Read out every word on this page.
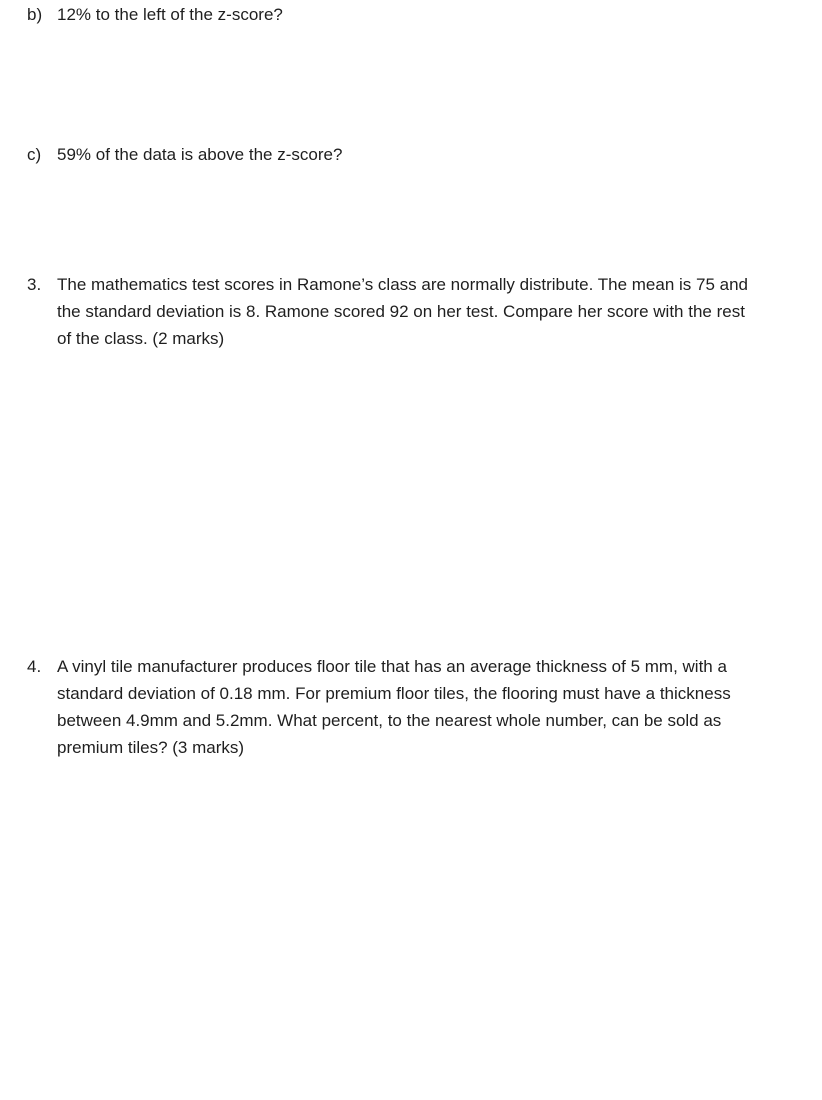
b) 12% to the left of the z-score?
c) 59% of the data is above the z-score?
3. The mathematics test scores in Ramone’s class are normally distribute. The mean is 75 and the standard deviation is 8. Ramone scored 92 on her test. Compare her score with the rest of the class. (2 marks)
4. A vinyl tile manufacturer produces floor tile that has an average thickness of 5 mm, with a standard deviation of 0.18 mm. For premium floor tiles, the flooring must have a thickness between 4.9mm and 5.2mm. What percent, to the nearest whole number, can be sold as premium tiles? (3 marks)
